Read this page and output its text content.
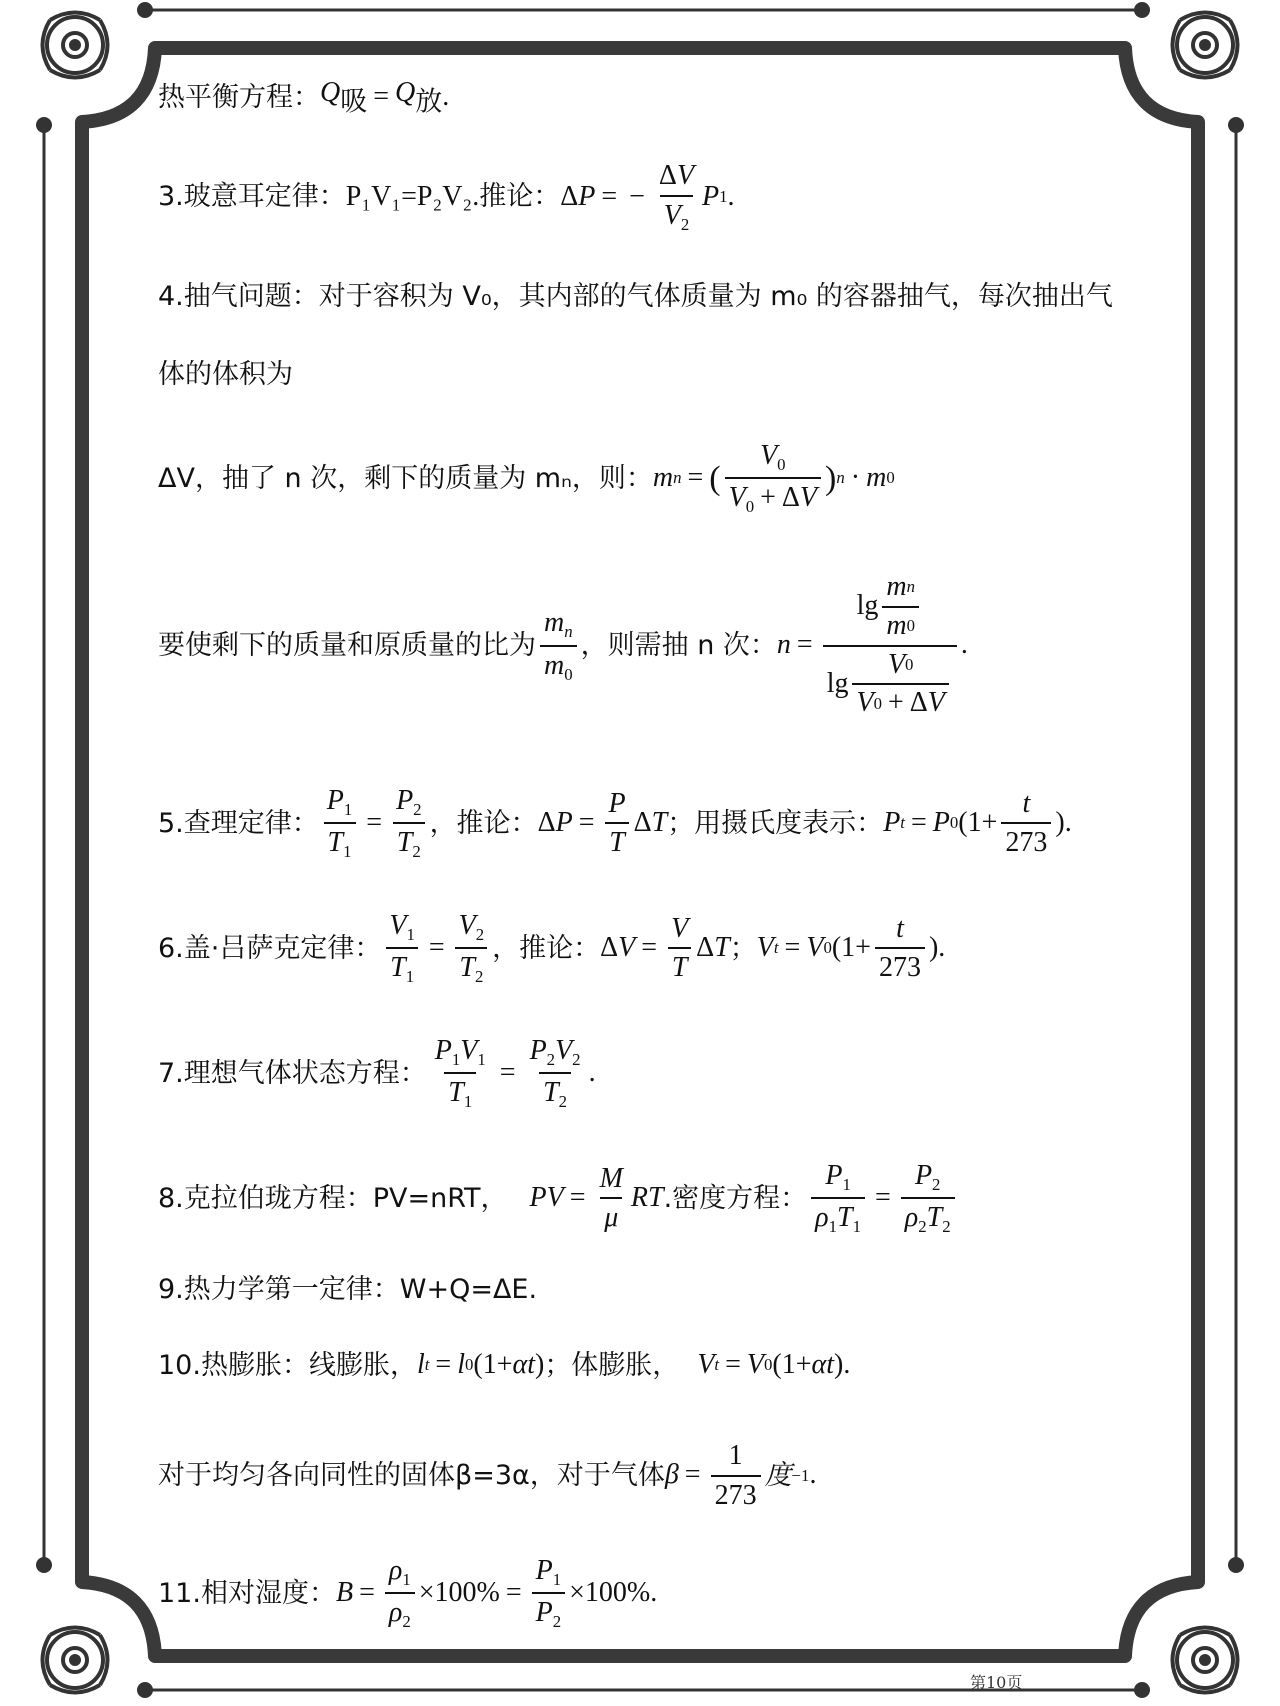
热平衡方程： $Q_吸 = Q_放$ .
3.玻意耳定律： P₁V₁=P₂V₂. 推论： Δ P = − $\frac{\Delta V}{V_2}$ P 1 .
4.抽气问题：对于容积为 V₀，其内部的气体质量为 m₀ 的容器抽气，每次抽出气
体的体积为
ΔV，抽了 n 次，剩下的质量为 mₙ，则： m n = ( $\frac{V_0}{V_0 + \Delta V}$ ) n · m 0
要使剩下的质量和原质量的比为 $\frac{m_n}{m_0}$ ，则需抽 n 次： $n = \frac{\lg \frac{\text{m n}}{m 0}}{\lg \frac{V 0}{\text{V 0 + Δ V}}}$ .
5.查理定律： $\frac{P_1}{T_1} = \frac{P_2}{T_2}$ ，推论： Δ $P = \frac{P}{T}$ Δ T ；用摄氏度表示： P t = P 0 ($1+ \frac{t}{273}$ ).
6.盖·吕萨克定律： $\frac{V_1}{T_1} = \frac{V_2}{T_2}$ ，推论： Δ $V = \frac{V}{T}$ Δ T ； V t = V 0 ($1+ \frac{t}{273}$ ).
7.理想气体状态方程： $\frac{P_1V_1}{T_1} = \frac{P_2V_2}{T_2}$ .
8.克拉伯珑方程：PV=nRT， PV = $\frac{M}{\mu}$ RT .密度方程： $\frac{P_1}{\rho_1T_1} = \frac{P_2}{\rho_2T_2}$
9.热力学第一定律：W+Q=ΔE.
10.热膨胀：线膨胀， l t = l 0 (1+ αt ) ；体膨胀， V t = V 0 (1+ αt ).
对于均匀各向同性的固体β=3α，对于气体 $\beta = \frac{1}{273}$ 度 −1 .
11.相对湿度： $B = \frac{\rho_1}{\rho_2} \times 100\% = \frac{P_1}{P_2} \times 100\%$.
第10页
